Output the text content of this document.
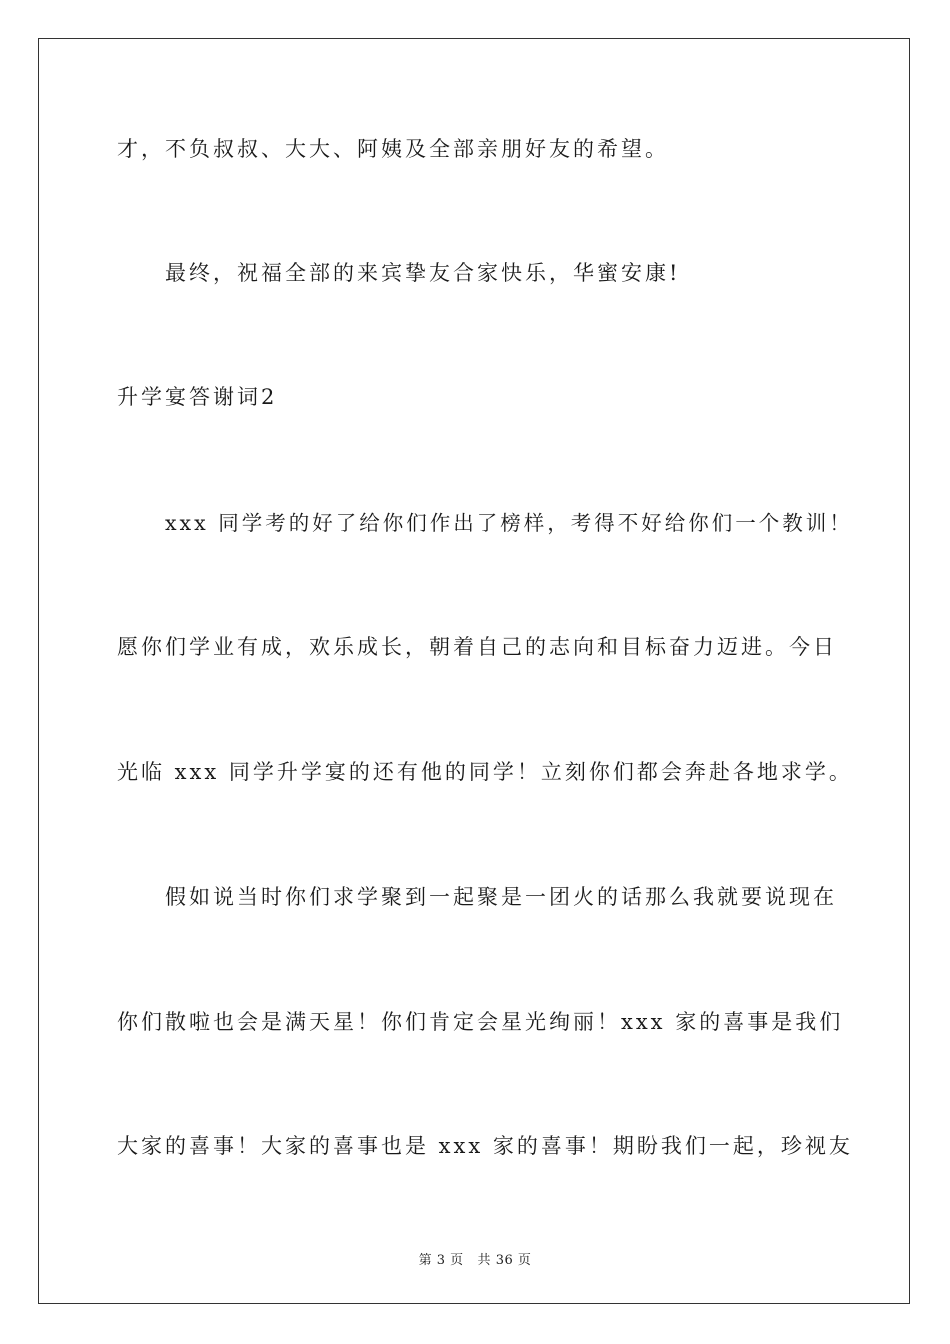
才，不负叔叔、大大、阿姨及全部亲朋好友的希望。
最终，祝福全部的来宾挚友合家快乐，华蜜安康!
升学宴答谢词2
xxx 同学考的好了给你们作出了榜样，考得不好给你们一个教训！
愿你们学业有成，欢乐成长，朝着自己的志向和目标奋力迈进。今日
光临 xxx 同学升学宴的还有他的同学！立刻你们都会奔赴各地求学。
假如说当时你们求学聚到一起聚是一团火的话那么我就要说现在
你们散啦也会是满天星！你们肯定会星光绚丽！xxx 家的喜事是我们
大家的喜事！大家的喜事也是 xxx 家的喜事！期盼我们一起，珍视友
第 3 页   共 36 页
